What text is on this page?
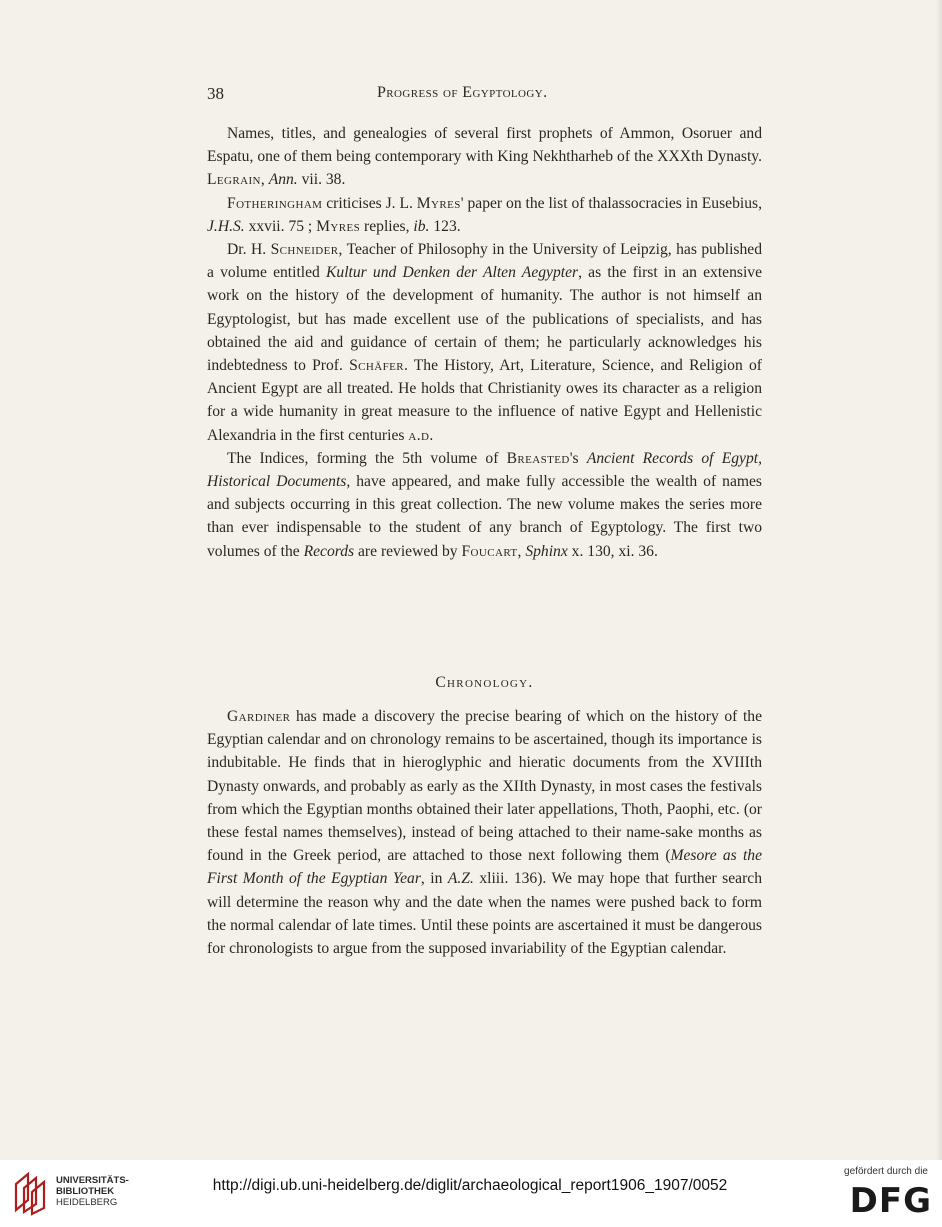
38	Progress of Egyptology.

Names, titles, and genealogies of several first prophets of Ammon, Osoruer and Espatu, one of them being contemporary with King Nekhtharheb of the XXXth Dynasty. Legrain, Ann. vii. 38.

Fotheringham criticises J. L. Myres' paper on the list of thalassocracies in Eusebius, J.H.S. xxvii. 75 ; Myres replies, ib. 123.

Dr. H. Schneider, Teacher of Philosophy in the University of Leipzig, has published a volume entitled Kultur und Denken der Alten Aegypter, as the first in an extensive work on the history of the development of humanity. The author is not himself an Egyptologist, but has made excellent use of the publications of specialists, and has obtained the aid and guidance of certain of them; he particularly acknowledges his indebtedness to Prof. Schäfer. The History, Art, Literature, Science, and Religion of Ancient Egypt are all treated. He holds that Christianity owes its character as a religion for a wide humanity in great measure to the influence of native Egypt and Hellenistic Alexandria in the first centuries a.d.

The Indices, forming the 5th volume of Breasted's Ancient Records of Egypt, Historical Documents, have appeared, and make fully accessible the wealth of names and subjects occurring in this great collection. The new volume makes the series more than ever indispensable to the student of any branch of Egyptology. The first two volumes of the Records are reviewed by Foucart, Sphinx x. 130, xi. 36.

Chronology.

Gardiner has made a discovery the precise bearing of which on the history of the Egyptian calendar and on chronology remains to be ascertained, though its importance is indubitable. He finds that in hieroglyphic and hieratic documents from the XVIIIth Dynasty onwards, and probably as early as the XIIth Dynasty, in most cases the festivals from which the Egyptian months obtained their later appellations, Thoth, Paophi, etc. (or these festal names themselves), instead of being attached to their name-sake months as found in the Greek period, are attached to those next following them (Mesore as the First Month of the Egyptian Year, in A.Z. xliii. 136). We may hope that further search will determine the reason why and the date when the names were pushed back to form the normal calendar of late times. Until these points are ascertained it must be dangerous for chronologists to argue from the supposed invariability of the Egyptian calendar.

UNIVERSITÄTS-
BIBLIOTHEK
HEIDELBERG
http://digi.ub.uni-heidelberg.de/diglit/archaeological_report1906_1907/0052
gefördert durch die
DFG
